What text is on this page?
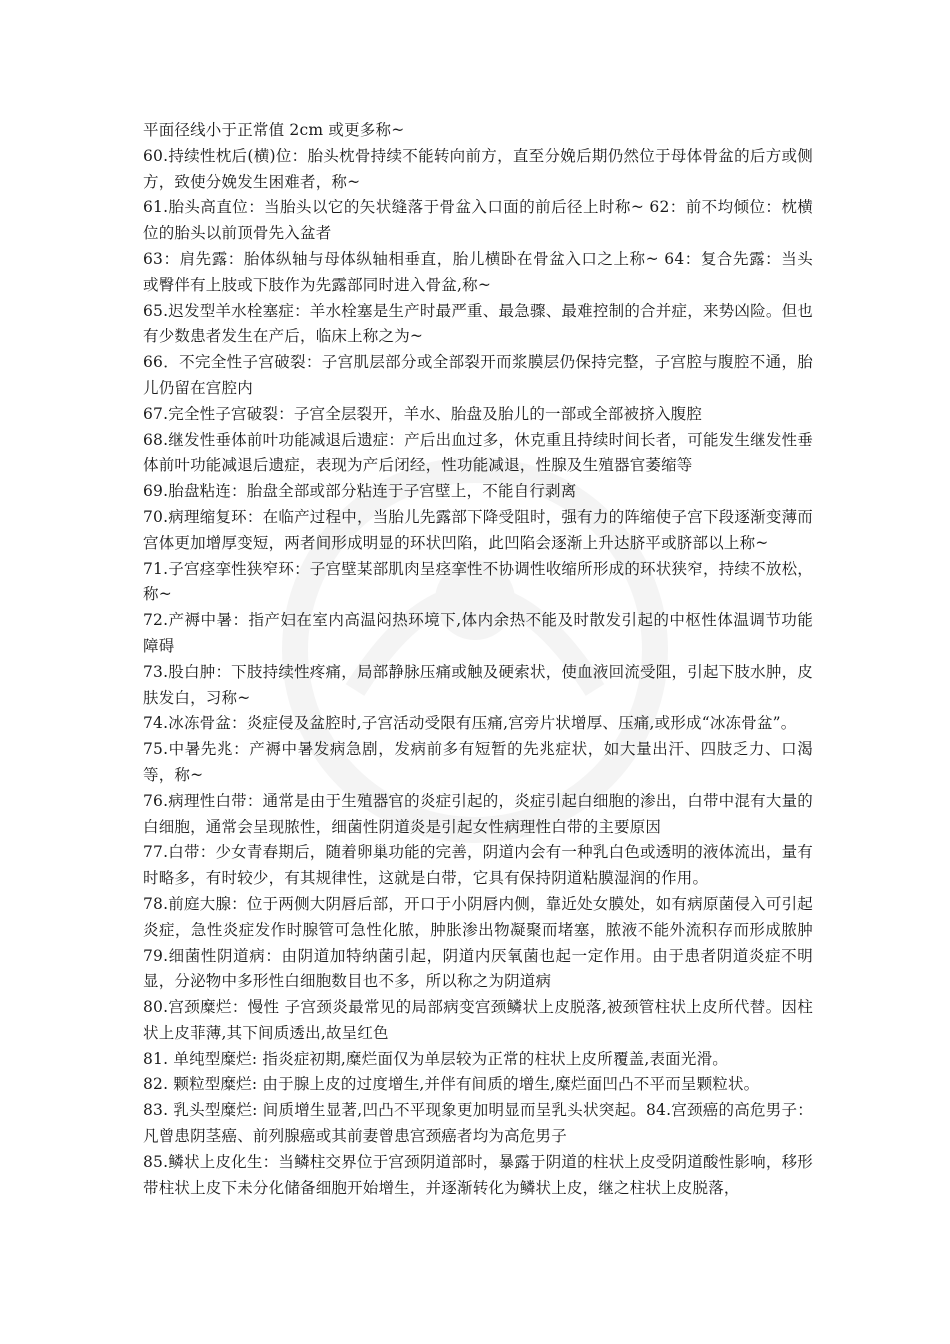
平面径线小于正常值 2cm 或更多称~

60.持续性枕后(横)位：胎头枕骨持续不能转向前方，直至分娩后期仍然位于母体骨盆的后方或侧方，致使分娩发生困难者，称~

61.胎头高直位：当胎头以它的矢状缝落于骨盆入口面的前后径上时称~ 62：前不均倾位：枕横位的胎头以前顶骨先入盆者

63：肩先露：胎体纵轴与母体纵轴相垂直，胎儿横卧在骨盆入口之上称~ 64：复合先露：当头或臀伴有上肢或下肢作为先露部同时进入骨盆,称~

65.迟发型羊水栓塞症：羊水栓塞是生产时最严重、最急骤、最难控制的合并症，来势凶险。但也有少数患者发生在产后，临床上称之为~

66．不完全性子宫破裂：子宫肌层部分或全部裂开而浆膜层仍保持完整，子宫腔与腹腔不通，胎儿仍留在宫腔内

67.完全性子宫破裂：子宫全层裂开，羊水、胎盘及胎儿的一部或全部被挤入腹腔

68.继发性垂体前叶功能减退后遗症：产后出血过多，休克重且持续时间长者，可能发生继发性垂体前叶功能减退后遗症，表现为产后闭经，性功能减退，性腺及生殖器官萎缩等

69.胎盘粘连：胎盘全部或部分粘连于子宫壁上，不能自行剥离

70.病理缩复环：在临产过程中，当胎儿先露部下降受阻时，强有力的阵缩使子宫下段逐渐变薄而宫体更加增厚变短，两者间形成明显的环状凹陷，此凹陷会逐渐上升达脐平或脐部以上称~

71.子宫痉挛性狭窄环：子宫壁某部肌肉呈痉挛性不协调性收缩所形成的环状狭窄，持续不放松，称~

72.产褥中暑：指产妇在室内高温闷热环境下,体内余热不能及时散发引起的中枢性体温调节功能障碍

73.股白肿：下肢持续性疼痛，局部静脉压痛或触及硬索状，使血液回流受阻，引起下肢水肿，皮肤发白，习称~

74.冰冻骨盆：炎症侵及盆腔时,子宫活动受限有压痛,宫旁片状增厚、压痛,或形成“冰冻骨盆”。

75.中暑先兆：产褥中暑发病急剧，发病前多有短暂的先兆症状，如大量出汗、四肢乏力、口渴等，称~

76.病理性白带：通常是由于生殖器官的炎症引起的，炎症引起白细胞的渗出，白带中混有大量的白细胞，通常会呈现脓性，细菌性阴道炎是引起女性病理性白带的主要原因

77.白带：少女青春期后，随着卵巢功能的完善，阴道内会有一种乳白色或透明的液体流出，量有时略多，有时较少，有其规律性，这就是白带，它具有保持阴道粘膜湿润的作用。

78.前庭大腺：位于两侧大阴唇后部，开口于小阴唇内侧，靠近处女膜处，如有病原菌侵入可引起炎症，急性炎症发作时腺管可急性化脓，肿胀渗出物凝聚而堵塞，脓液不能外流积存而形成脓肿 79.细菌性阴道病：由阴道加特纳菌引起，阴道内厌氧菌也起一定作用。由于患者阴道炎症不明显，分泌物中多形性白细胞数目也不多，所以称之为阴道病

80.宫颈糜烂：慢性 子宫颈炎最常见的局部病变宫颈鳞状上皮脱落,被颈管柱状上皮所代替。因柱状上皮菲薄,其下间质透出,故呈红色

81. 单纯型糜烂: 指炎症初期,糜烂面仅为单层较为正常的柱状上皮所覆盖,表面光滑。

82. 颗粒型糜烂: 由于腺上皮的过度增生,并伴有间质的增生,糜烂面凹凸不平而呈颗粒状。

83. 乳头型糜烂: 间质增生显著,凹凸不平现象更加明显而呈乳头状突起。84.宫颈癌的高危男子：凡曾患阴茎癌、前列腺癌或其前妻曾患宫颈癌者均为高危男子

85.鳞状上皮化生：当鳞柱交界位于宫颈阴道部时，暴露于阴道的柱状上皮受阴道酸性影响，移形带柱状上皮下未分化储备细胞开始增生，并逐渐转化为鳞状上皮，继之柱状上皮脱落，
